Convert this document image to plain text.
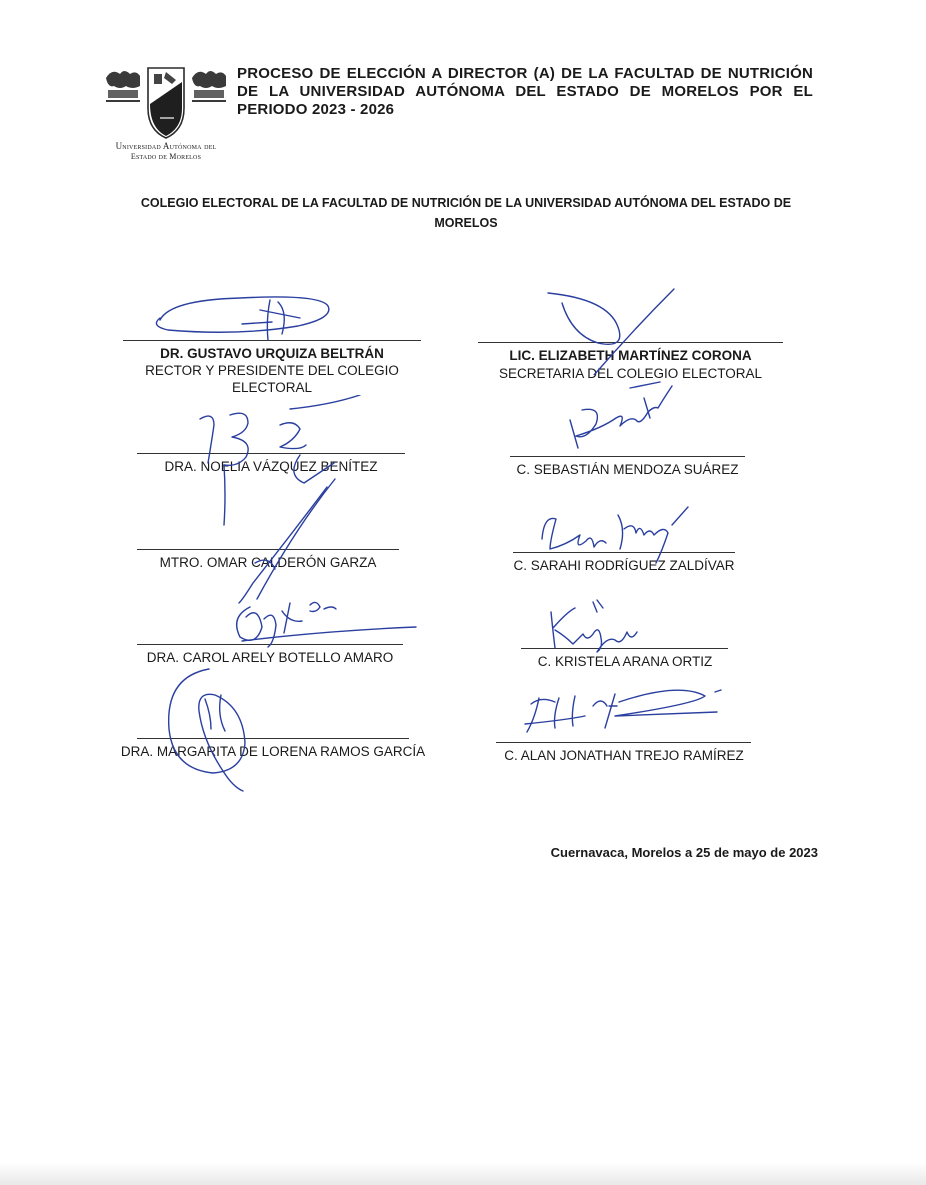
Universidad Autónoma del
Estado de Morelos
PROCESO DE ELECCIÓN A DIRECTOR (A) DE LA FACULTAD DE NUTRICIÓN DE LA UNIVERSIDAD AUTÓNOMA DEL ESTADO DE MORELOS POR EL PERIODO 2023 - 2026
COLEGIO ELECTORAL DE LA FACULTAD DE NUTRICIÓN DE LA UNIVERSIDAD AUTÓNOMA DEL ESTADO DE MORELOS
DR. GUSTAVO URQUIZA BELTRÁN
RECTOR Y PRESIDENTE DEL COLEGIO ELECTORAL
DRA. NOELIA VÁZQUEZ BENÍTEZ
MTRO. OMAR CALDERÓN GARZA
DRA. CAROL ARELY BOTELLO AMARO
DRA. MARGARITA DE LORENA RAMOS GARCÍA
LIC. ELIZABETH MARTÍNEZ CORONA
SECRETARIA DEL COLEGIO ELECTORAL
C. SEBASTIÁN MENDOZA SUÁREZ
C. SARAHI RODRÍGUEZ ZALDÍVAR
C. KRISTELA ARANA ORTIZ
C. ALAN JONATHAN TREJO RAMÍREZ
Cuernavaca, Morelos a 25 de mayo de 2023
